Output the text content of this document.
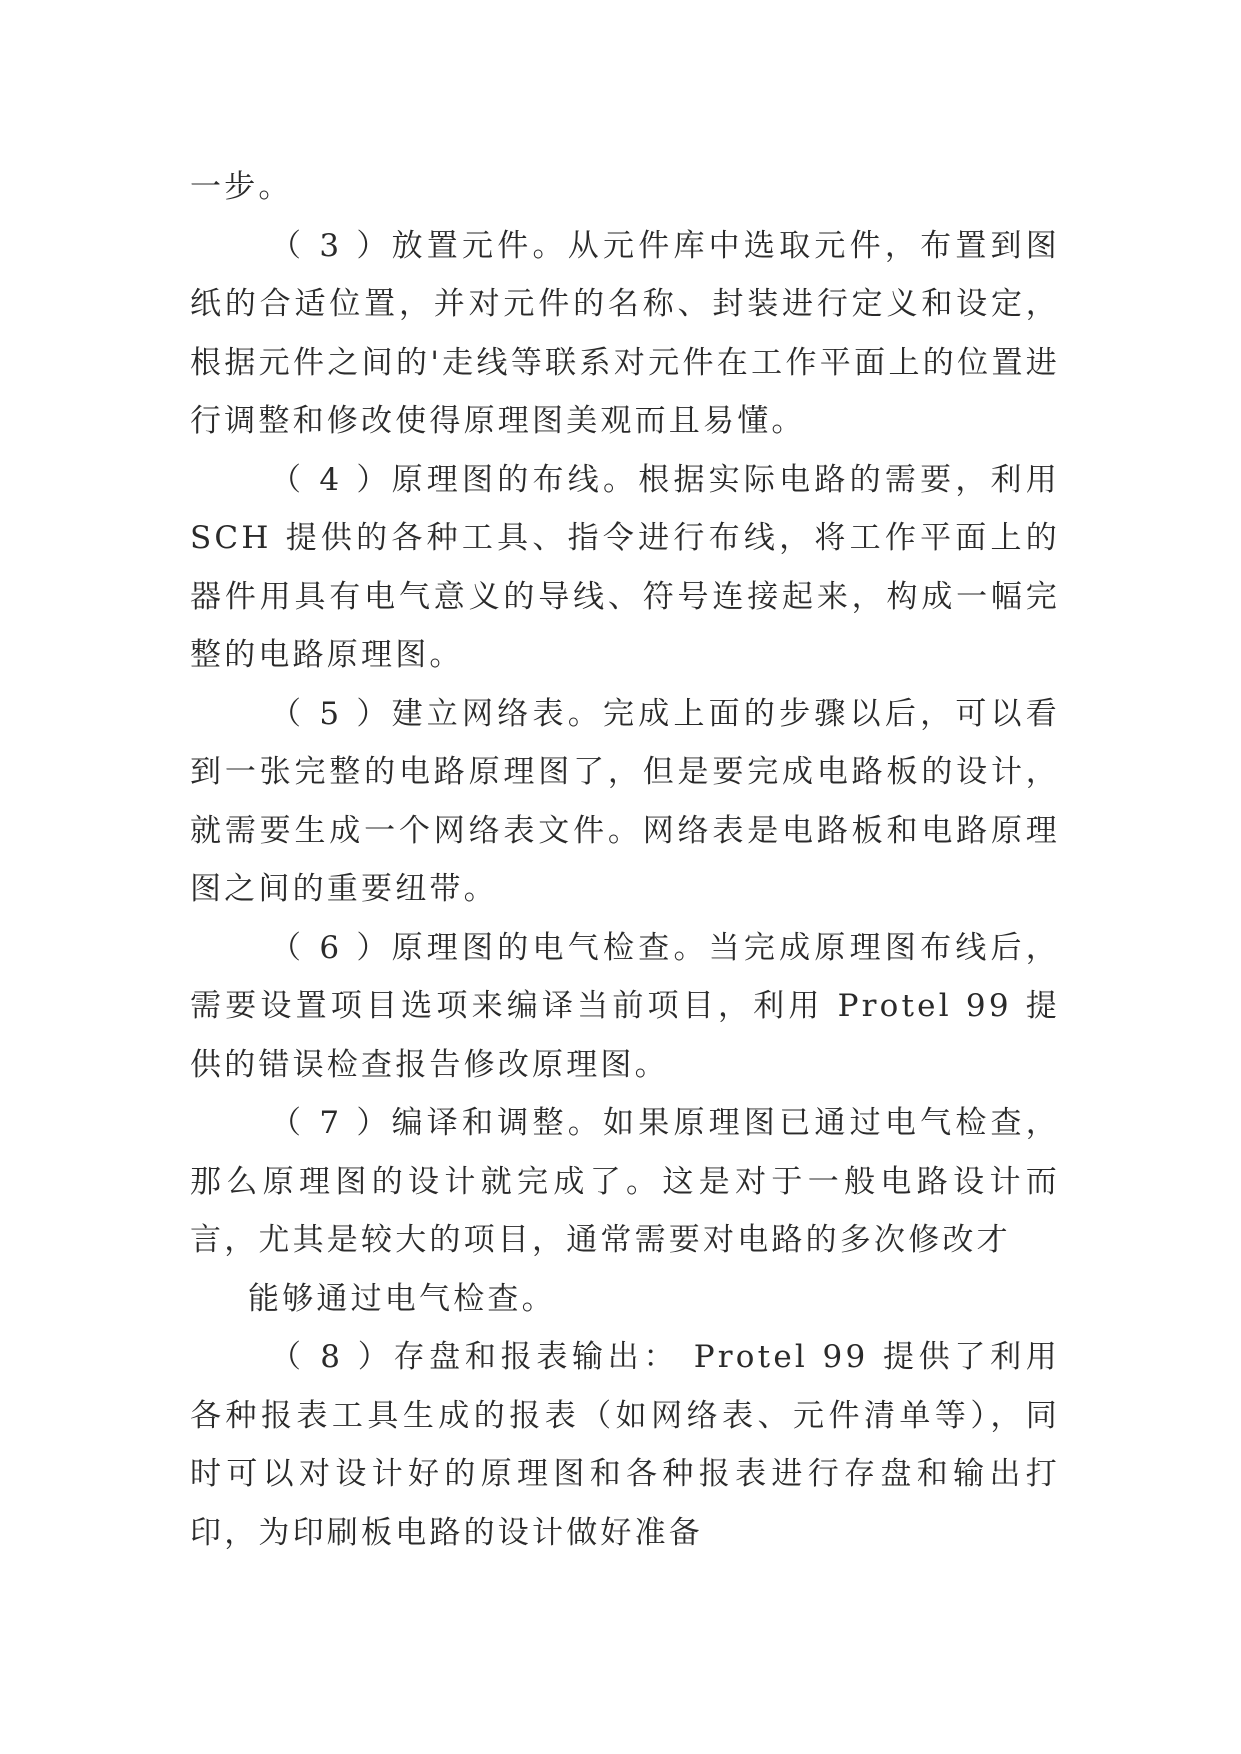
一步。

（ 3 ）放置元件。从元件库中选取元件，布置到图纸的合适位置，并对元件的名称、封装进行定义和设定，根据元件之间的'走线等联系对元件在工作平面上的位置进行调整和修改使得原理图美观而且易懂。

（ 4 ）原理图的布线。根据实际电路的需要，利用 SCH 提供的各种工具、指令进行布线，将工作平面上的器件用具有电气意义的导线、符号连接起来，构成一幅完整的电路原理图。

（ 5 ）建立网络表。完成上面的步骤以后，可以看到一张完整的电路原理图了，但是要完成电路板的设计，就需要生成一个网络表文件。网络表是电路板和电路原理图之间的重要纽带。

（ 6 ）原理图的电气检查。当完成原理图布线后，需要设置项目选项来编译当前项目，利用 Protel 99 提供的错误检查报告修改原理图。

（ 7 ）编译和调整。如果原理图已通过电气检查，那么原理图的设计就完成了。这是对于一般电路设计而言，尤其是较大的项目，通常需要对电路的多次修改才

能够通过电气检查。

（ 8 ）存盘和报表输出： Protel 99 提供了利用各种报表工具生成的报表（如网络表、元件清单等），同时可以对设计好的原理图和各种报表进行存盘和输出打印，为印刷板电路的设计做好准备
